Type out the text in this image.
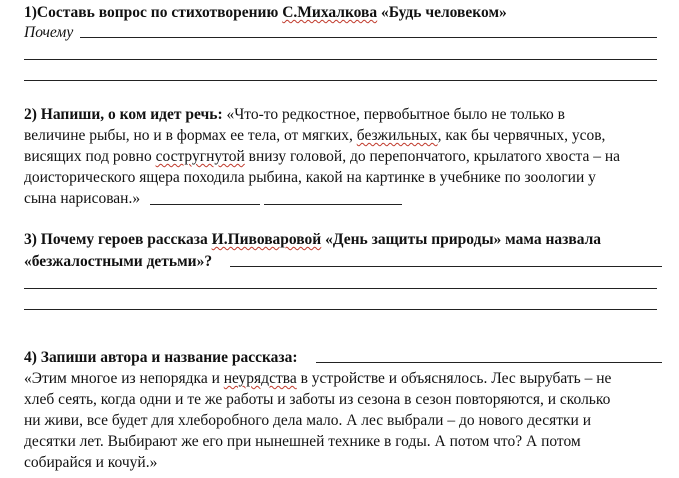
1)Составь вопрос по стихотворению С.Михалкова «Будь человеком»
Почему
2) Напиши, о ком идет речь: «Что-то редкостное, первобытное было не только в
величине рыбы, но и в формах ее тела, от мягких, безжильных, как бы червячных, усов,
висящих под ровно состругнутой внизу головой, до перепончатого, крылатого хвоста – на
доисторического ящера походила рыбина, какой на картинке в учебнике по зоологии у
сына нарисован.»
3) Почему героев рассказа И.Пивоваровой «День защиты природы» мама назвала
«безжалостными детьми»?
4) Запиши автора и название рассказа:
«Этим многое из непорядка и неурядства в устройстве и объяснялось. Лес вырубать – не
хлеб сеять, когда одни и те же работы и заботы из сезона в сезон повторяются, и сколько
ни живи, все будет для хлеборобного дела мало. А лес выбрали – до нового десятки и
десятки лет. Выбирают же его при нынешней технике в годы. А потом что? А потом
собирайся и кочуй.»
